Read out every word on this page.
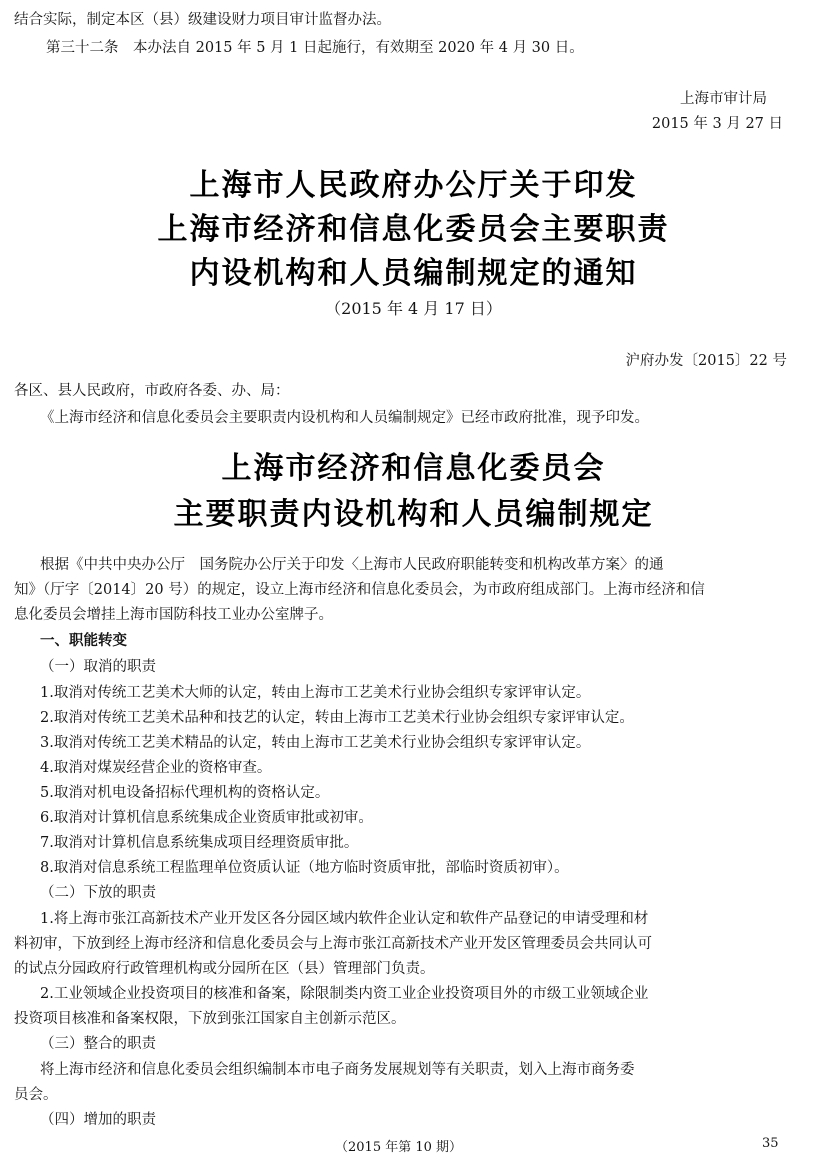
结合实际，制定本区（县）级建设财力项目审计监督办法。
第三十二条　本办法自 2015 年 5 月 1 日起施行，有效期至 2020 年 4 月 30 日。
上海市审计局
2015 年 3 月 27 日
上海市人民政府办公厅关于印发
上海市经济和信息化委员会主要职责
内设机构和人员编制规定的通知
（2015 年 4 月 17 日）
沪府办发〔2015〕22 号
各区、县人民政府，市政府各委、办、局：
《上海市经济和信息化委员会主要职责内设机构和人员编制规定》已经市政府批准，现予印发。
上海市经济和信息化委员会
主要职责内设机构和人员编制规定
根据《中共中央办公厅　国务院办公厅关于印发〈上海市人民政府职能转变和机构改革方案〉的通
知》（厅字〔2014〕20 号）的规定，设立上海市经济和信息化委员会，为市政府组成部门。上海市经济和信
息化委员会增挂上海市国防科技工业办公室牌子。
一、职能转变
（一）取消的职责
1.取消对传统工艺美术大师的认定，转由上海市工艺美术行业协会组织专家评审认定。
2.取消对传统工艺美术品种和技艺的认定，转由上海市工艺美术行业协会组织专家评审认定。
3.取消对传统工艺美术精品的认定，转由上海市工艺美术行业协会组织专家评审认定。
4.取消对煤炭经营企业的资格审查。
5.取消对机电设备招标代理机构的资格认定。
6.取消对计算机信息系统集成企业资质审批或初审。
7.取消对计算机信息系统集成项目经理资质审批。
8.取消对信息系统工程监理单位资质认证（地方临时资质审批，部临时资质初审）。
（二）下放的职责
1.将上海市张江高新技术产业开发区各分园区域内软件企业认定和软件产品登记的申请受理和材
料初审，下放到经上海市经济和信息化委员会与上海市张江高新技术产业开发区管理委员会共同认可
的试点分园政府行政管理机构或分园所在区（县）管理部门负责。
2.工业领域企业投资项目的核准和备案，除限制类内资工业企业投资项目外的市级工业领域企业
投资项目核准和备案权限，下放到张江国家自主创新示范区。
（三）整合的职责
将上海市经济和信息化委员会组织编制本市电子商务发展规划等有关职责，划入上海市商务委
员会。
（四）增加的职责
（2015 年第 10 期）	35
